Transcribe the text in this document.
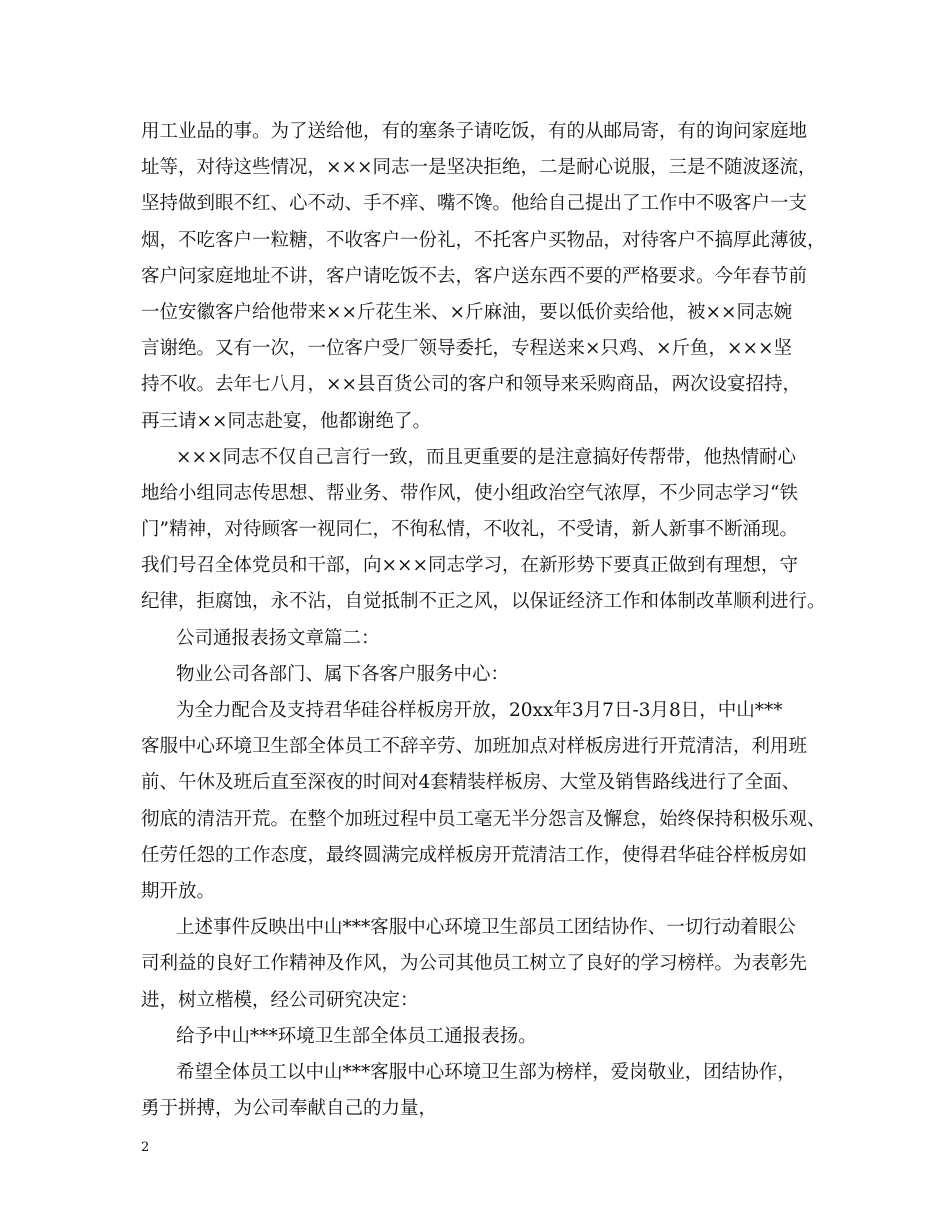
用工业品的事。为了送给他，有的塞条子请吃饭，有的从邮局寄，有的询问家庭地
址等，对待这些情况，×××同志一是坚决拒绝，二是耐心说服，三是不随波逐流，
坚持做到眼不红、心不动、手不痒、嘴不馋。他给自己提出了工作中不吸客户一支
烟，不吃客户一粒糖，不收客户一份礼，不托客户买物品，对待客户不搞厚此薄彼，
客户问家庭地址不讲，客户请吃饭不去，客户送东西不要的严格要求。今年春节前
一位安徽客户给他带来××斤花生米、×斤麻油，要以低价卖给他，被××同志婉
言谢绝。又有一次，一位客户受厂领导委托，专程送来×只鸡、×斤鱼，×××坚
持不收。去年七八月，××县百货公司的客户和领导来采购商品，两次设宴招持，
再三请××同志赴宴，他都谢绝了。
×××同志不仅自己言行一致，而且更重要的是注意搞好传帮带，他热情耐心
地给小组同志传思想、帮业务、带作风，使小组政治空气浓厚，不少同志学习“铁
门”精神，对待顾客一视同仁，不徇私情，不收礼，不受请，新人新事不断涌现。
我们号召全体党员和干部，向×××同志学习，在新形势下要真正做到有理想，守
纪律，拒腐蚀，永不沾，自觉抵制不正之风，以保证经济工作和体制改革顺利进行。
公司通报表扬文章篇二：
物业公司各部门、属下各客户服务中心：
为全力配合及支持君华硅谷样板房开放，20xx年3月7日-3月8日，中山***
客服中心环境卫生部全体员工不辞辛劳、加班加点对样板房进行开荒清洁，利用班
前、午休及班后直至深夜的时间对4套精装样板房、大堂及销售路线进行了全面、
彻底的清洁开荒。在整个加班过程中员工毫无半分怨言及懈怠，始终保持积极乐观、
任劳任怨的工作态度，最终圆满完成样板房开荒清洁工作，使得君华硅谷样板房如
期开放。
上述事件反映出中山***客服中心环境卫生部员工团结协作、一切行动着眼公
司利益的良好工作精神及作风，为公司其他员工树立了良好的学习榜样。为表彰先
进，树立楷模，经公司研究决定：
给予中山***环境卫生部全体员工通报表扬。
希望全体员工以中山***客服中心环境卫生部为榜样，爱岗敬业，团结协作，
勇于拼搏，为公司奉献自己的力量，
2
